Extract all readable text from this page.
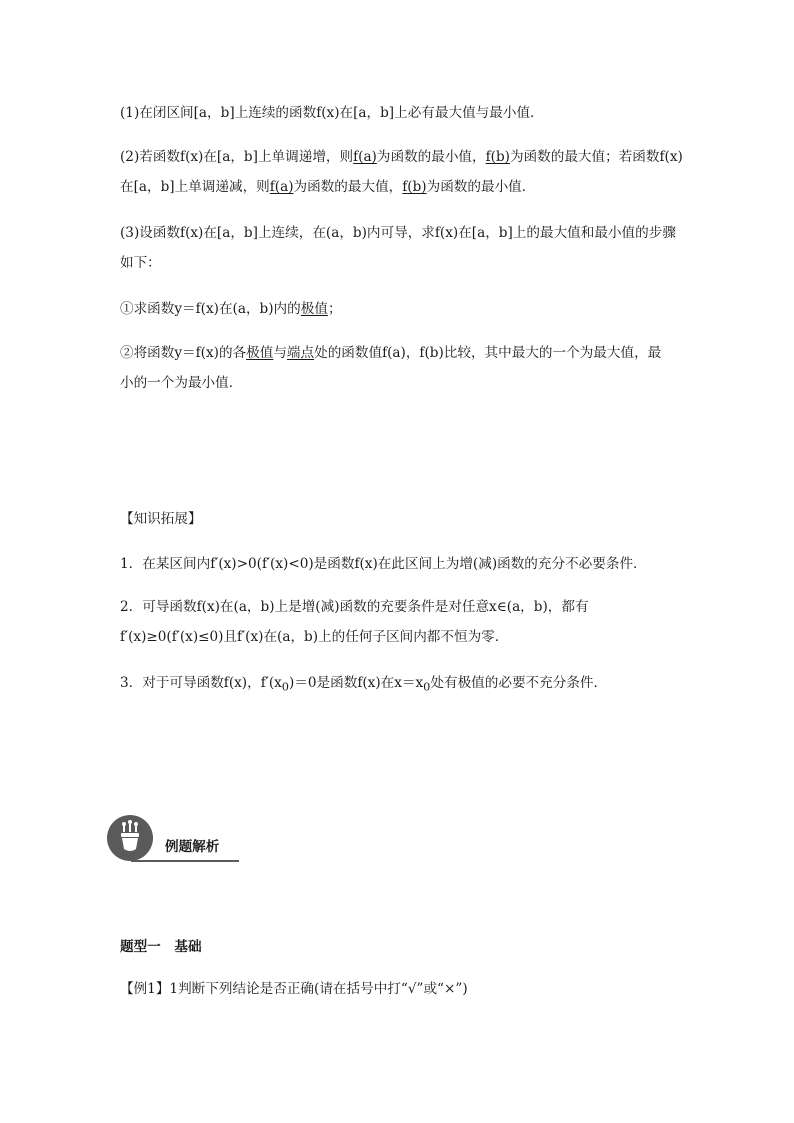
(1)在闭区间[a，b]上连续的函数f(x)在[a，b]上必有最大值与最小值．
(2)若函数f(x)在[a，b]上单调递增，则f(a)为函数的最小值，f(b)为函数的最大值；若函数f(x)
在[a，b]上单调递减，则f(a)为函数的最大值，f(b)为函数的最小值．
(3)设函数f(x)在[a，b]上连续，在(a，b)内可导，求f(x)在[a，b]上的最大值和最小值的步骤
如下：
①求函数y＝f(x)在(a，b)内的极值；
②将函数y＝f(x)的各极值与端点处的函数值f(a)，f(b)比较，其中最大的一个为最大值，最
小的一个为最小值．
【知识拓展】
1．在某区间内f′(x)>0(f′(x)<0)是函数f(x)在此区间上为增(减)函数的充分不必要条件．
2．可导函数f(x)在(a，b)上是增(减)函数的充要条件是对任意x∈(a，b)，都有
f′(x)≥0(f′(x)≤0)且f′(x)在(a，b)上的任何子区间内都不恒为零．
3．对于可导函数f(x)，$f'(x_0)=0$是函数f(x)在$x=x_0$处有极值的必要不充分条件．
例题解析
题型一　基础
【例1】1判断下列结论是否正确(请在括号中打“√”或“×”)
